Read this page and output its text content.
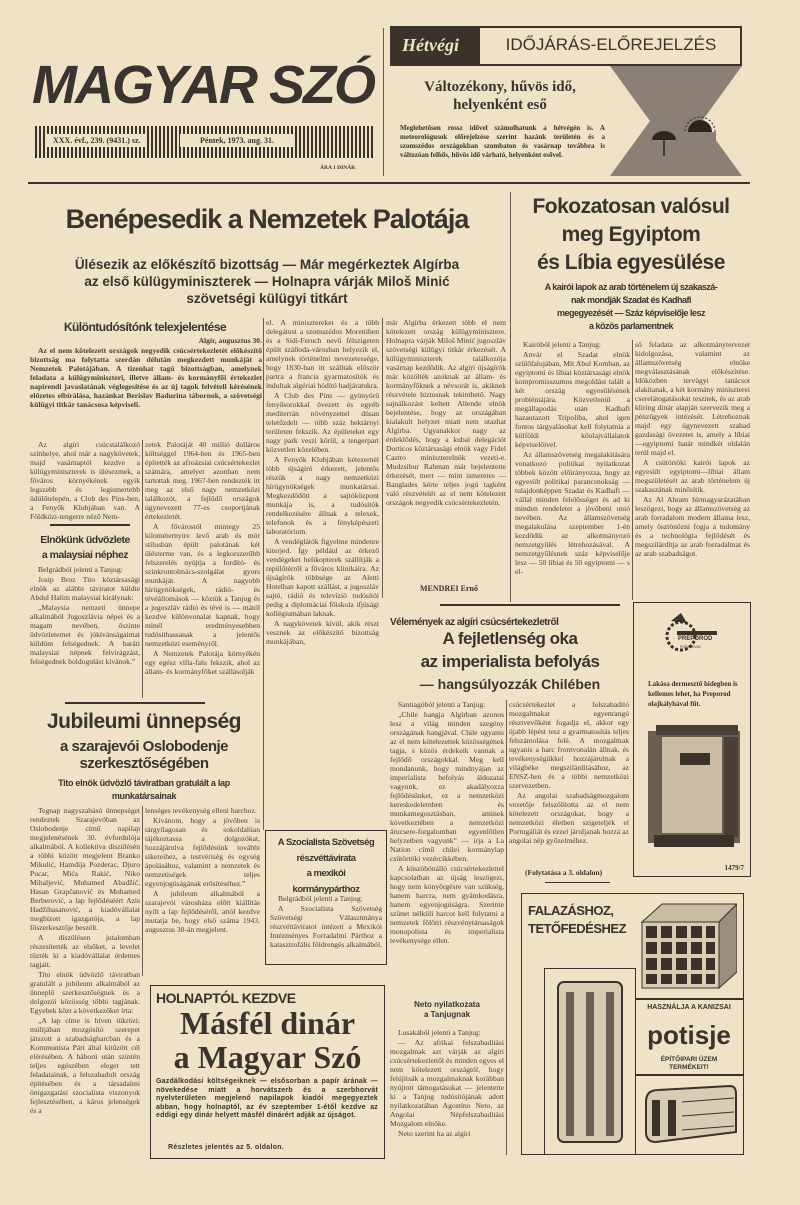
MAGYAR SZÓ
XXX. évf., 239. (9431.) sz.	Péntek, 1973. aug. 31.
ÁRA 1 DINÁR
Hétvégi	IDŐJÁRÁS-ELŐREJELZÉS
Változékony, hűvös idő, helyenként eső
Meglehetősen rossz idővel számolhatunk a hétvégén is. A meteorológusok előrejelzése szerint hazánk területén és a szomszédos országokban szombaton és vasárnap továbbra is változóan felhős, hűvös idő várható, helyenként esővel.
Benépesedik a Nemzetek Palotája
Ülésezik az előkészítő bizottság — Már megérkeztek Algírba
az első külügyminiszterek — Holnapra várják Miloš Minić
szövetségi külügyi titkárt
Különtudósítónk telexjelentése

Algír, augusztus 30.

Az el nem kötelezett országok negyedik csúcsértekezletét előkészítő bizottság ma folytatta szerdán délután megkezdett munkáját a Nemzetek Palotájában. A tizenhat tagú bizottságban, amelynek feladata a külügyminiszteri, illetve állam- és kormányfői értekezlet napirendi javaslatának véglegesítése és az új tagok felvételi kérésének előzetes elbírálása, hazánkat Berislav Badurina tábornok, a szövetségi külügyi titkár tanácsosa képviseli.

Az algíri csúcstalálkozó színhelye, ahol már a nagykövetek, majd vasárnaptól kezdve a külügyminiszterek is ülésezmek, a főváros környékének egyik legszebb és legismertebb üdülőtelepén, a Club des Pins-ben, a Fenyők Klubjában van. A Földközi-tengerre néző Nem-

Elnökünk üdvözlete
a malaysiai néphez

Belgrádból jelenti a Tanjug:

Josip Broz Tito köztársasági elnök az alábbi táviratot küldte Abdul Halim malaysiai királynak:

„Malaysia nemzeti ünnepe alkalmából Jugoszlávia népei és a magam nevében, őszinte üdvözletemet és jókívánságaimat küldöm felségednek. A baráti malaysiai népnek felvirágzást, felségednek boldogulást kívánok.”

zetek Palotáját 40 millió dolláros költséggel 1964-ben és 1965-ben építették az afroázsiai csúcsértekezlet számára, amelyet azonban nem tartottak meg. 1967-ben rendezték itt meg az első nagy nemzetközi találkozót, a fejlődő országok úgynevezett 77-es csoportjának értekezletét.

A fővárostól mintegy 25 kilométernyire levő arab és mór stílusban épült palotának két ülésterme van, és a legkorszerűbb felszerelés nyújtja a fordító- és szinkrontolmács-szolgálat gyors munkáját. A nagyobb hírügynökségek, rádió- és tévéállomások — köztük a Tanjug és a jugoszláv rádió és tévé is — mától kezdve különvonalat kapnak, hogy minél eredményesebben tudósíthassanak a jelentős nemzetközi eseményről.

A Nemzetek Palotája környékén egy egész villa-falu fekszik, ahol az állam- és kormányfőket szállásolják

el. A minisztereket és a több delegátust a szomszédos Morettiben és a Sidi-Feruch nevű félszigeten épült szálloda-városban helyezik el, amelynek történelmi nevezetessége, hogy 1830-ban itt szálltak először partra a francia gyarmatosítók és indultak algériai hódító hadjáratukra.

A Club des Pins — gyönyörű fenyősorokkal övezett és egyéb mediterrán növényzettel dúsan teletűzdelt — több száz hektárnyi területen fekszik. Az épületeket egy nagy park veszi körül, a tengerpart közvetlen közelében.

A Fenyők Klubjában kétezernél több újságíró érkezett, jelentős részük a nagy nemzetközi hírügynökségek munkatársai. Megkezdődött a sajtóközpont munkája is, a tudósítók rendelkezésére állnak a telexek, telefonok és a fényképészeti laboratórium.

A vendéglátók figyelme mindenre kiterjed. Így például az érkező vendégeket helikopterek szállítják a repülőtérről a főváros klinikáira. Az újságírók többsége az Aletti Hotelban kapott szállást, a jugoszláv sajtó, rádió és televízió tudósítói pedig a diplomáciai főiskola ifjúsági kollégiumában laknak.

A nagykövetek kívül, akik részt vesznek az előkészítő bizottság munkájában,

már Algírba érkezett több el nem kötelezett ország külügyminisztere. Holnapra várják Miloš Minić jugoszláv szövetségi külügyi titkár érkezését. A külügyminiszterek találkozója vasárnap kezdődik. Az algíri újságírók már közölték azoknak az állam- és kormányfőknek a névsorát is, akiknek részvétele biztosnak tekinthető. Nagy sajnálkozást keltett Allende elnök bejelentése, hogy az országában kialakult helyzet miatt nem utazhat Algírba. Ugyanakkor nagy az érdeklődés, hogy a kubai delegációt Dorticos köztársasági elnök vagy Fidel Castro miniszterelnök vezeti-e. Mudzsibur Rahman már bejelentette érkezését, mert — mint ismeretes — Banglades kérte teljes jogú tagként való részvételét az el nem kötelezett országok negyedik csúcsértekezletén.

MENDREI Ernő
Jubileumi ünnepség
a szarajevói Oslobodenje
szerkesztőségében
Tito elnök üdvözlő táviratban gratulált a lap
munkatársainak

Tegnap nagyszabású ünnepséget rendeztek Szarajevóban az Oslobodenje című napilap megjelenésének 30. évfordulója alkalmából. A kollektíva díszülésén a többi között megjelent Branko Mikulić, Hamdija Pozderac, Djuro Pucar, Mića Rakić, Niko Mihaljević, Muhamed Abadžić, Hasan Grapčanović és Muhamed Berberović, a lap fejlődéséért Azis Hadžihasanović, a kiadóvállalat megbízott igazgatója, a lap főszerkesztője beszélt.

A díszülésen jutalomban részesítették az elsőket, a levelet tűzték ki a kiadóvállalat érdemes tagjait.

Tito elnök üdvözlő táviratban gratulált a jubileum alkalmából az ünneplő szerkesztőségnek és a dolgozói közösség többi tagjának. Egyebek közt a következőket írta:

„A lap címe is híven tükrözi: múltjában mozgósító szerepet játszott a szabadságharcban és a Kommunista Párt által kitűzött cél elérésében. A háború után szintén teljes egészében eleget tett feladatainak, a felszabadult ország építésében és a társadalmi önigazgatási szocialista viszonyok fejlesztésében, a káros jelenségek és a

lenséges tevékenység elleni harchoz.

Kívánom, hogy a jövőben is tárgyilagosan és sokoldalúan tájékoztassa a dolgozókat, hozzájárulva fejlődésünk további sikereihez, a testvériség és egység ápolásához, valamint a nemzetek és nemzetiségek teljes egyenjogúságának erősítéséhez.”

A jubileum alkalmából a szarajevói városháza előtt kiállítás nyílt a lap fejlődéséről, attól kezdve mutatja be, hogy első száma 1943. augusztus 30-án megjelent.

A Szocialista Szövetség
részvéttávirata
a mexikói
kormánypárthoz

Belgrádból jelenti a Tanjug:

A Szocialista Szövetség Szövetségi Választmánya részvéttáviratot intézett a Mexikói Intézményes Forradalmi Párthoz a katasztrofális földrengés alkalmából.

HOLNAPTÓL KEZDVE
Másfél dinár
a Magyar Szó
Gazdálkodási költségeiknek — elsősorban a papír árának — növekedése miatt a horvátszerb és a szerbhorvát nyelvterületen megjelenő napilapok kiadói megegyeztek abban, hogy holnaptól, az év szeptember 1-étől kezdve az eddigi egy dinár helyett másfél dinárért adják az újságot.
Részletes jelentés az 5. oldalon.
Fokozatosan valósul
meg Egyiptom
és Líbia egyesülése
A kairói lapok az arab történelem új szakaszá-
nak mondják Szadat és Kadhafi
megegyezését — Száz képviselője lesz
a közös parlamentnek

Kairóból jelenti a Tanjug:

Anvár el Szadat elnök szülőfalujában, Mit Abul Komban, az egyiptomi és líbiai köztársasági elnök kompromisszumos megoldást talált a két ország egyesülésének problémájára. Közvetlenül a megállapodás után Kadhafi hazautazott Tripoliba, ahol igen fontos tárgyalásokat kell folytatnia a külföldi kőolajvállalatok képviselőivel.

Az államszövetség megalakítására vonatkozó politikai nyilatkozat többek között előirányozza, hogy az egyesült politikai parancsnokság — tulajdonképpen Szadat és Kadhafi — vállal minden felelősséget és ad ki minden rendeletet a jövőbeni unió nevében. Az államszövetség megalakulása szeptember 1-én kezdődik az alkotmányozó nemzetgyűlés létrehozásával. A nemzetgyűlésnek száz képviselője lesz — 50 líbiai és 50 egyiptomi — s el-

ső feladata az alkotmánytervezet kidolgozása, valamint az államszövetség elnöke megválasztásának előkészítése. Időközben tervügyi tanácsot alakítanak, a két kormány miniszterei cserelátogatásokat tesznek, és az arab kliring dinár alapján szervezik meg a pénzügyek intézését. Létrehoznak majd egy úgynevezett szabad gazdasági övezetet is, amely a líbiai—egyiptomi határ mindkét oldalán terül majd el.

A csütörtöki kairói lapok az egyesült egyiptomi—líbiai állam megszületését az arab történelem új szakaszának minősítik.

Az Al Ahram hírmagyarázatában leszögezi, hogy az államszövetség az arab forradalom modern állama lesz, amely ösztönözni fogja a tudomány és a technológia fejlődését és megszilárdítja az arab forradalmat és az arab szabadságot.

Vélemények az algíri csúcsértekezletről
A fejletlenség oka
az imperialista befolyás
— hangsúlyozzák Chilében

Santiagóból jelenti a Tanjug:

„Chile hangja Algírban azonos lesz a világ minden szegény országának hangjával. Chile ugyanis az el nem kötelezettek közösségének tagja, s közös érdekeik vannak a fejlődő országokkal. Meg kell mondanunk, hogy mindnyájan az imperialista befolyás áldozatai vagyunk, ez akadályozza fejlődésünket, ez a nemzetközi kereskedelemben és munkamegosztásban, aminek következtében a nemzetközi árucsere-forgalomban egyenlőtlen helyzetben vagyunk” — írja a La Nation című chilei kormánylap csütörtöki vezércikkében.

A küszöbönálló csúcsértekezlettel kapcsolatban az újság leszögezi, hogy nem könyörgésre van szükség, hanem harcra, nem gyámkodásra, hanem egyenjogúságra. Szerinte szünet nélküli harcot kell folytatni a nemzetek fölötti részvénytársaságok monopolista és imperialista tevékenysége ellen.

csúcsértekezlet a felszabadító mozgalmakat egyenrangú résztvevőként fogadja el, akkor egy újabb lépést tesz a gyarmatosítás teljes felszámolása felé. A mozgalmak ugyanis a harc frontvonalán állnak, és tevékenységükkel hozzájárulnak a világbéke megszilárdításához, az ENSZ-ben és a többi nemzetközi szervezetben.

Az angolai szabadságmozgalom vezetője felszólította az el nem kötelezett országokat, hogy a nemzetközi életben szigeteljék el Portugáliát és ezzel járuljanak hozzá az angolai nép győzelméhez.

(Folytatása a 3. oldalon)
Neto nyilatkozata
a Tanjugnak

Lusakából jelenti a Tanjug:

— Az afrikai felszabadítási mozgalmak azt várják az algíri csúcsértekezlettől és minden egyes el nem kötelezett országtól, hogy felújítsák a mozgalmaknak korábban nyújtott támogatásukat — jelentette ki a Tanjug tudósítójának adott nyilatkozatában Agostino Neto, az Angolai Népfelszabadítási Mozgalom elnöke.

Neto szerint ha az algíri

PREPOROD
POŽAREVAC
Lakása dermesztő hidegben is kellemes lehet, ha Preporod olajkályhával fűt.
1479/7
FALAZÁSHOZ,
TETŐFEDÉSHEZ
HASZNÁLJA A KANIZSAI
potisje
ÉPÍTŐIPARI ÜZEM
TERMÉKEIT!
